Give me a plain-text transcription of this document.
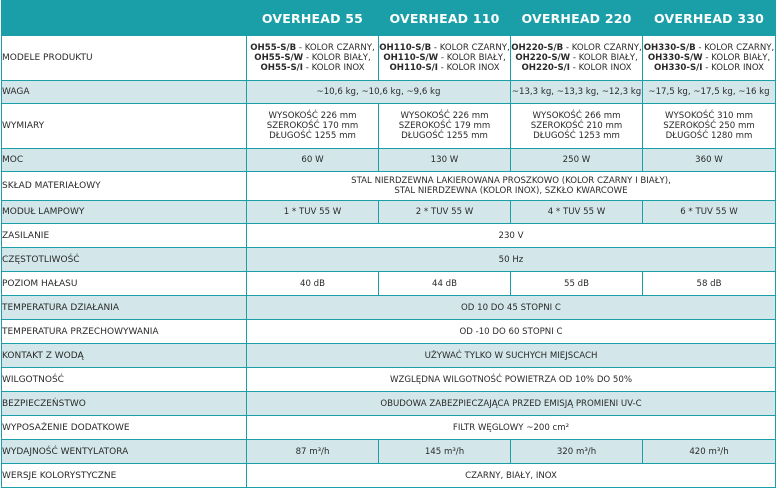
	OVERHEAD 55	OVERHEAD 110	OVERHEAD 220	OVERHEAD 330
MODELE PRODUKTU	OH55-S/B - KOLOR CZARNY,
OH55-S/W - KOLOR BIAŁY,
OH55-S/I - KOLOR INOX	OH110-S/B - KOLOR CZARNY,
OH110-S/W - KOLOR BIAŁY,
OH110-S/I - KOLOR INOX	OH220-S/B - KOLOR CZARNY,
OH220-S/W - KOLOR BIAŁY,
OH220-S/I - KOLOR INOX	OH330-S/B - KOLOR CZARNY,
OH330-S/W - KOLOR BIAŁY,
OH330-S/I - KOLOR INOX
WAGA	~10,6 kg, ~10,6 kg, ~9,6 kg		~13,3 kg, ~13,3 kg, ~12,3 kg	~17,5 kg, ~17,5 kg, ~16 kg
WYMIARY	WYSOKOŚĆ 226 mm
SZEROKOŚĆ 170 mm
DŁUGOŚĆ 1255 mm	WYSOKOŚĆ 226 mm
SZEROKOŚĆ 179 mm
DŁUGOŚĆ 1255 mm	WYSOKOŚĆ 266 mm
SZEROKOŚĆ 210 mm
DŁUGOŚĆ 1253 mm	WYSOKOŚĆ 310 mm
SZEROKOŚĆ 250 mm
DŁUGOŚĆ 1280 mm
MOC	60 W	130 W	250 W	360 W
SKŁAD MATERIAŁOWY	STAL NIERDZEWNA LAKIEROWANA PROSZKOWO (KOLOR CZARNY I BIAŁY),
STAL NIERDZEWNA (KOLOR INOX), SZKŁO KWARCOWE			
MODUŁ LAMPOWY	1 * TUV 55 W	2 * TUV 55 W	4 * TUV 55 W	6 * TUV 55 W
ZASILANIE	230 V			
CZĘSTOTLIWOŚĆ	50 Hz			
POZIOM HAŁASU	40 dB	44 dB	55 dB	58 dB
TEMPERATURA DZIAŁANIA	OD 10 DO 45 STOPNI C			
TEMPERATURA PRZECHOWYWANIA	OD -10 DO 60 STOPNI C			
KONTAKT Z WODĄ	UŻYWAĆ TYLKO W SUCHYCH MIEJSCACH			
WILGOTNOŚĆ	WZGLĘDNA WILGOTNOŚĆ POWIETRZA OD 10% DO 50%			
BEZPIECZEŃSTWO	OBUDOWA ZABEZPIECZAJĄCA PRZED EMISJĄ PROMIENI UV-C			
WYPOSAŻENIE DODATKOWE	FILTR WĘGLOWY ~200 cm²			
WYDAJNOŚĆ WENTYLATORA	87 m³/h	145 m³/h	320 m³/h	420 m³/h
WERSJE KOLORYSTYCZNE	CZARNY, BIAŁY, INOX			
